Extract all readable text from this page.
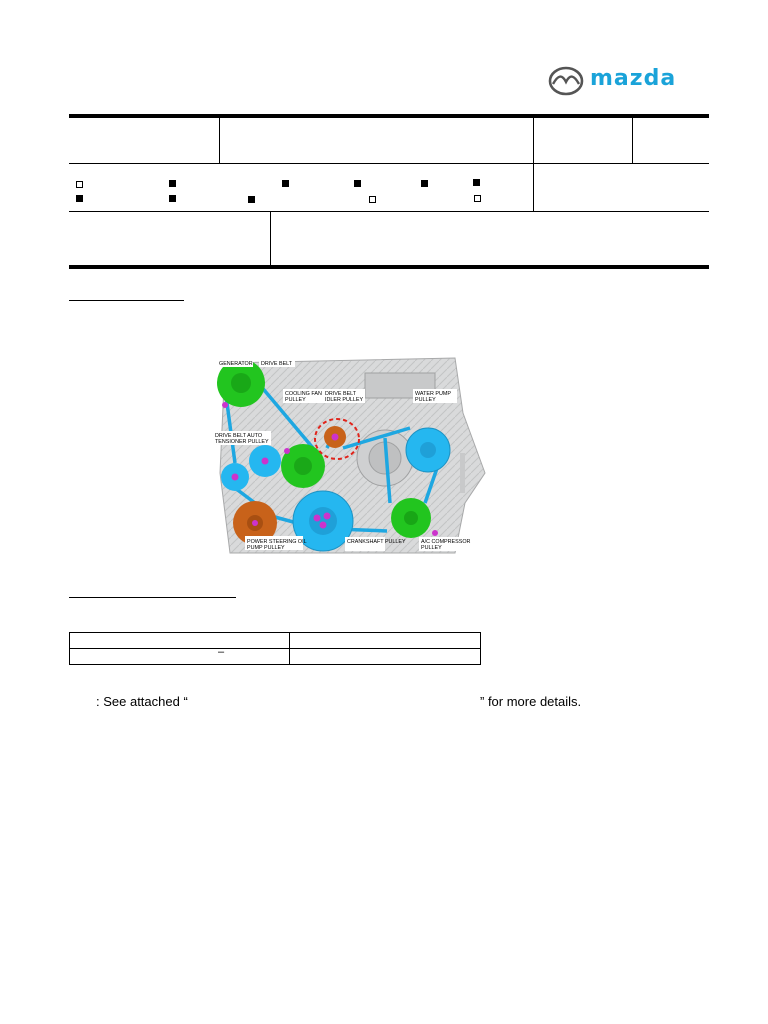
mazda
GENERATOR DRIVE BELT
COOLING FAN PULLEY
DRIVE BELT IDLER PULLEY
WATER PUMP PULLEY
DRIVE BELT AUTO TENSIONER PULLEY
POWER STEERING OIL PUMP PULLEY
CRANKSHAFT PULLEY	A/C COMPRESSOR PULLEY

–	

: See attached “	” for more details.
